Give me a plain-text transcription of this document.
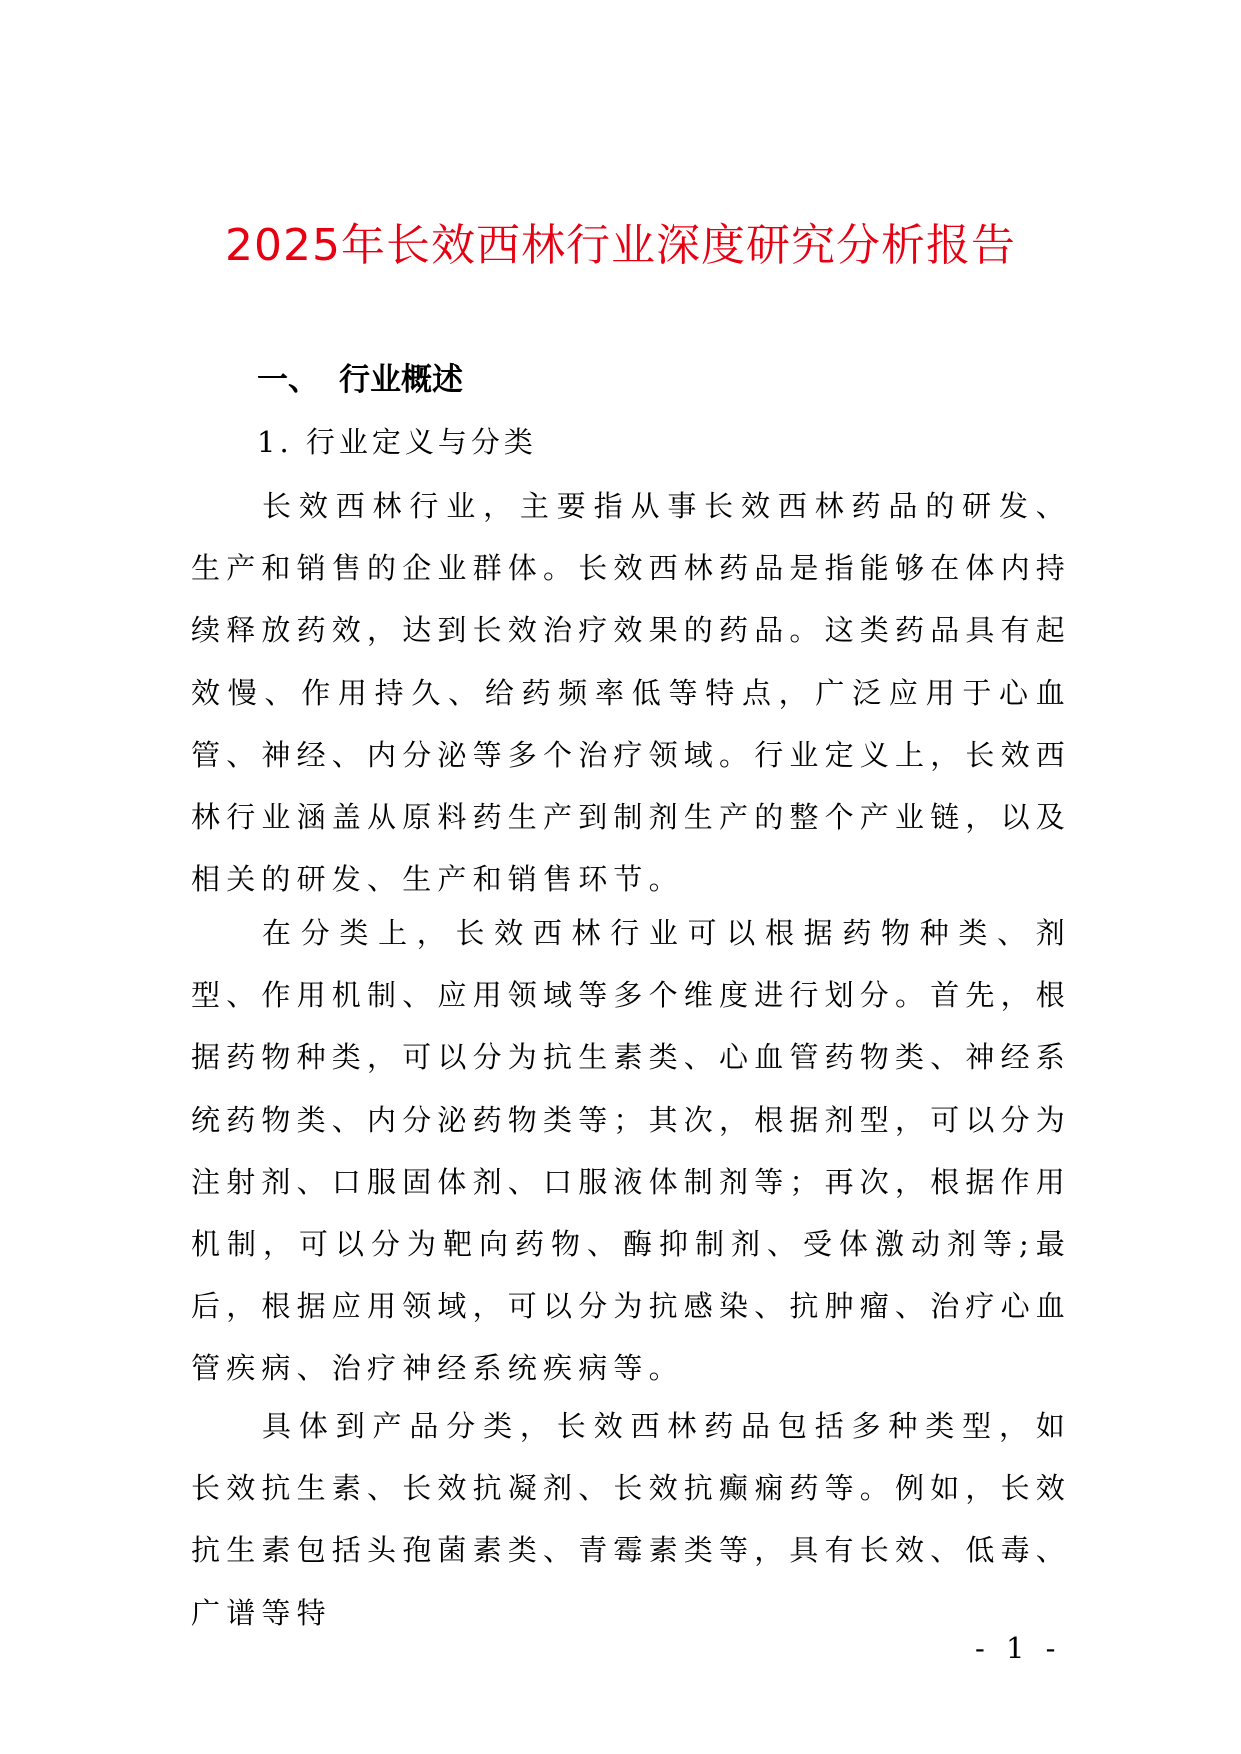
2025年长效西林行业深度研究分析报告
一、 行业概述
1. 行业定义与分类

长效西林行业，主要指从事长效西林药品的研发、生产和销售的企业群体。长效西林药品是指能够在体内持续释放药效，达到长效治疗效果的药品。这类药品具有起效慢、作用持久、给药频率低等特点，广泛应用于心血管、神经、内分泌等多个治疗领域。行业定义上，长效西林行业涵盖从原料药生产到制剂生产的整个产业链，以及相关的研发、生产和销售环节。

在分类上，长效西林行业可以根据药物种类、剂型、作用机制、应用领域等多个维度进行划分。首先，根据药物种类，可以分为抗生素类、心血管药物类、神经系统药物类、内分泌药物类等；其次，根据剂型，可以分为注射剂、口服固体剂、口服液体制剂等；再次，根据作用机制，可以分为靶向药物、酶抑制剂、受体激动剂等;最后，根据应用领域，可以分为抗感染、抗肿瘤、治疗心血管疾病、治疗神经系统疾病等。

具体到产品分类，长效西林药品包括多种类型，如长效抗生素、长效抗凝剂、长效抗癫痫药等。例如，长效抗生素包括头孢菌素类、青霉素类等，具有长效、低毒、广谱等特

- 1 -
